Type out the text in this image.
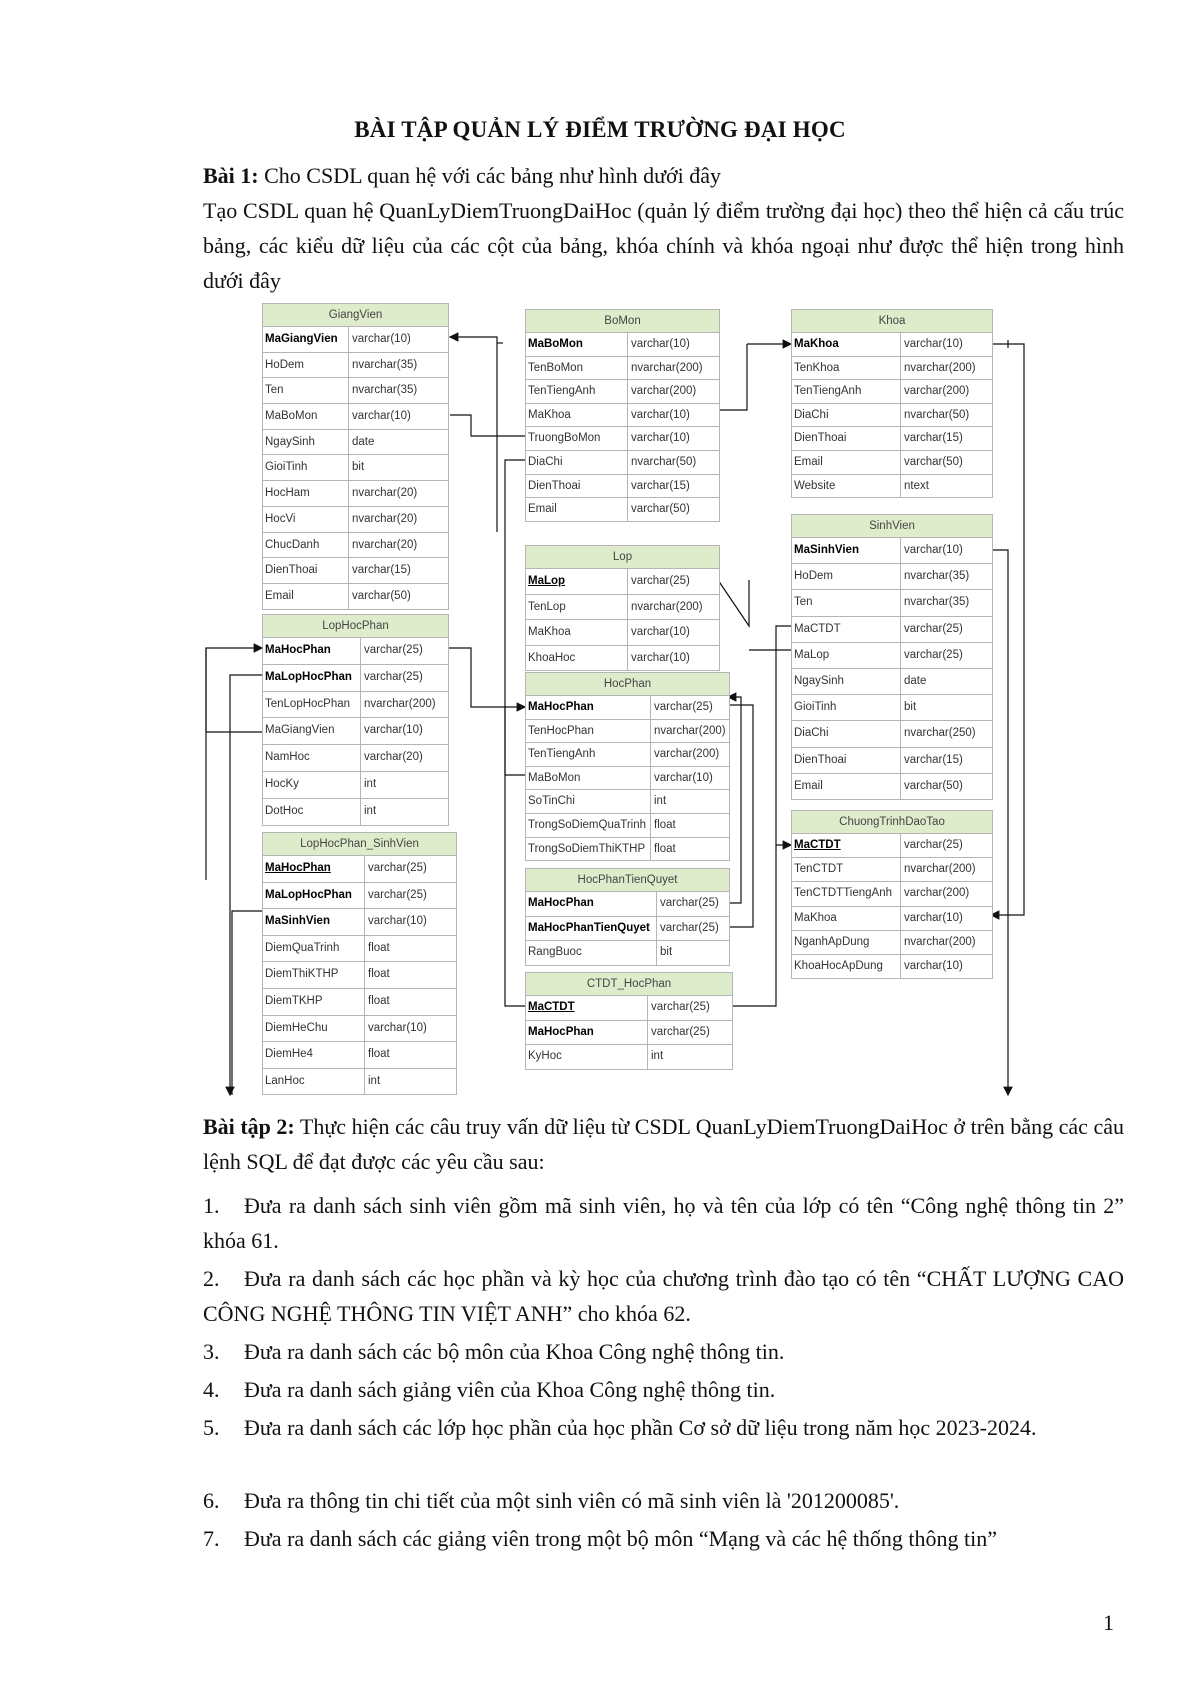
BÀI TẬP QUẢN LÝ ĐIỂM TRƯỜNG ĐẠI HỌC
Bài 1: Cho CSDL quan hệ với các bảng như hình dưới đây
Tạo CSDL quan hệ QuanLyDiemTruongDaiHoc (quản lý điểm trường đại học) theo thể hiện cả cấu trúc bảng, các kiểu dữ liệu của các cột của bảng, khóa chính và khóa ngoại như được thể hiện trong hình dưới đây
GiangVien
MaGiangVien	varchar(10)
HoDem	nvarchar(35)
Ten	nvarchar(35)
MaBoMon	varchar(10)
NgaySinh	date
GioiTinh	bit
HocHam	nvarchar(20)
HocVi	nvarchar(20)
ChucDanh	nvarchar(20)
DienThoai	varchar(15)
Email	varchar(50)
BoMon
MaBoMon	varchar(10)
TenBoMon	nvarchar(200)
TenTiengAnh	varchar(200)
MaKhoa	varchar(10)
TruongBoMon	varchar(10)
DiaChi	nvarchar(50)
DienThoai	varchar(15)
Email	varchar(50)
Khoa
MaKhoa	varchar(10)
TenKhoa	nvarchar(200)
TenTiengAnh	varchar(200)
DiaChi	nvarchar(50)
DienThoai	varchar(15)
Email	varchar(50)
Website	ntext
Lop
MaLop	varchar(25)
TenLop	nvarchar(200)
MaKhoa	varchar(10)
KhoaHoc	varchar(10)
SinhVien
MaSinhVien	varchar(10)
HoDem	nvarchar(35)
Ten	nvarchar(35)
MaCTDT	varchar(25)
MaLop	varchar(25)
NgaySinh	date
GioiTinh	bit
DiaChi	nvarchar(250)
DienThoai	varchar(15)
Email	varchar(50)
LopHocPhan
MaHocPhan	varchar(25)
MaLopHocPhan	varchar(25)
TenLopHocPhan	nvarchar(200)
MaGiangVien	varchar(10)
NamHoc	varchar(20)
HocKy	int
DotHoc	int
HocPhan
MaHocPhan	varchar(25)
TenHocPhan	nvarchar(200)
TenTiengAnh	varchar(200)
MaBoMon	varchar(10)
SoTinChi	int
TrongSoDiemQuaTrinh float
TrongSoDiemThiKTHP float
LopHocPhan_SinhVien
MaHocPhan	varchar(25)
MaLopHocPhan	varchar(25)
MaSinhVien	varchar(10)
DiemQuaTrinh	float
DiemThiKTHP	float
DiemTKHP	float
DiemHeChu	varchar(10)
DiemHe4	float
LanHoc	int
HocPhanTienQuyet
MaHocPhan	varchar(25)
MaHocPhanTienQuyet varchar(25)
RangBuoc	bit
ChuongTrinhDaoTao
MaCTDT	varchar(25)
TenCTDT	nvarchar(200)
TenCTDTTiengAnh	varchar(200)
MaKhoa	varchar(10)
NganhApDung	nvarchar(200)
KhoaHocApDung	varchar(10)
CTDT_HocPhan
MaCTDT	varchar(25)
MaHocPhan	varchar(25)
KyHoc	int
Bài tập 2: Thực hiện các câu truy vấn dữ liệu từ CSDL QuanLyDiemTruongDaiHoc ở trên bằng các câu lệnh SQL để đạt được các yêu cầu sau:
1. Đưa ra danh sách sinh viên gồm mã sinh viên, họ và tên của lớp có tên “Công nghệ thông tin 2” khóa 61.
2. Đưa ra danh sách các học phần và kỳ học của chương trình đào tạo có tên “CHẤT LƯỢNG CAO CÔNG NGHỆ THÔNG TIN VIỆT ANH” cho khóa 62.
3. Đưa ra danh sách các bộ môn của Khoa Công nghệ thông tin.
4. Đưa ra danh sách giảng viên của Khoa Công nghệ thông tin.
5. Đưa ra danh sách các lớp học phần của học phần Cơ sở dữ liệu trong năm học 2023-2024.
6. Đưa ra thông tin chi tiết của một sinh viên có mã sinh viên là '201200085'.
7. Đưa ra danh sách các giảng viên trong một bộ môn “Mạng và các hệ thống thông tin”
1
